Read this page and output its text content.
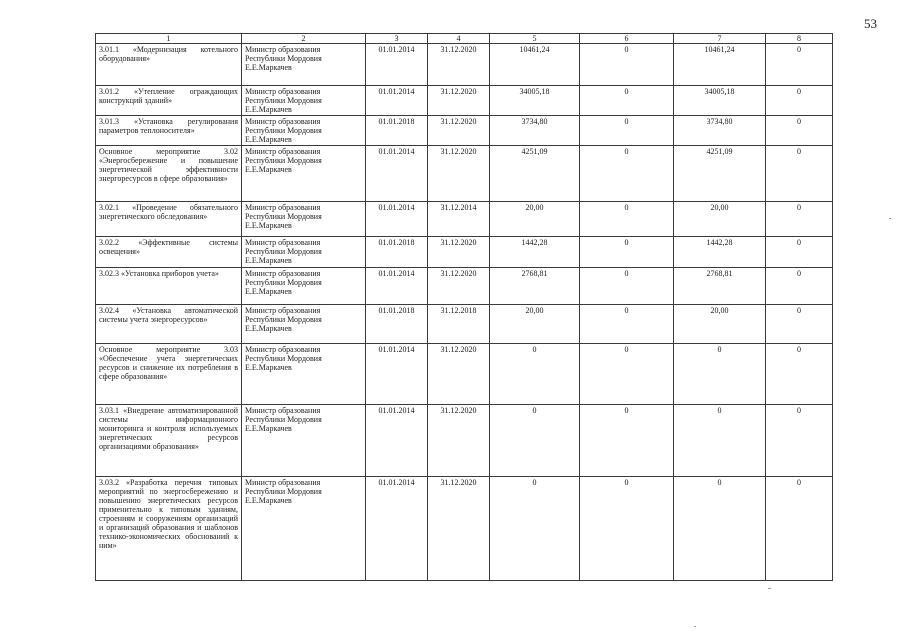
53
1	2	3	4	5	6	7	8
3.01.1 «Модернизация котельного оборудования»	Министр образования Республики Мордовия Е.Е.Маркачев	01.01.2014	31.12.2020	10461,24	0	10461,24	0
3.01.2 «Утепление ограждающих конструкций зданий»	Министр образования Республики Мордовия Е.Е.Маркачев	01.01.2014	31.12.2020	34005,18	0	34005,18	0
3.01.3 «Установка регулирования параметров теплоносителя»	Министр образования Республики Мордовия Е.Е.Маркачев	01.01.2018	31.12.2020	3734,80	0	3734,80	0
Основное мероприятие 3.02 «Энергосбережение и повышение энергетической эффективности энергоресурсов в сфере образования»	Министр образования Республики Мордовия Е.Е.Маркачев	01.01.2014	31.12.2020	4251,09	0	4251,09	0
3.02.1 «Проведение обязательного энергетического обследования»	Министр образования Республики Мордовия Е.Е.Маркачев	01.01.2014	31.12.2014	20,00	0	20,00	0
3.02.2 «Эффективные системы освещения»	Министр образования Республики Мордовия Е.Е.Маркачев	01.01.2018	31.12.2020	1442,28	0	1442,28	0
3.02.3 «Установка приборов учета»	Министр образования Республики Мордовия Е.Е.Маркачев	01.01.2014	31.12.2020	2768,81	0	2768,81	0
3.02.4 «Установка автоматической системы учета энергоресурсов»	Министр образования Республики Мордовия Е.Е.Маркачев	01.01.2018	31.12.2018	20,00	0	20,00	0
Основное мероприятие 3.03 «Обеспечение учета энергетических ресурсов и снижение их потребления в сфере образования»	Министр образования Республики Мордовия Е.Е.Маркачев	01.01.2014	31.12.2020	0	0	0	0
3.03.1 «Внедрение автоматизированной системы информационного мониторинга и контроля используемых энергетических ресурсов организациями образования»	Министр образования Республики Мордовия Е.Е.Маркачев	01.01.2014	31.12.2020	0	0	0	0
3.03.2 «Разработка перечня типовых мероприятий по энергосбережению и повышению энергетических ресурсов применительно к типовым зданиям, строениям и сооружениям организаций и организаций образования и шаблонов технико-экономических обоснований к ним»	Министр образования Республики Мордовия Е.Е.Маркачев	01.01.2014	31.12.2020	0	0	0	0
